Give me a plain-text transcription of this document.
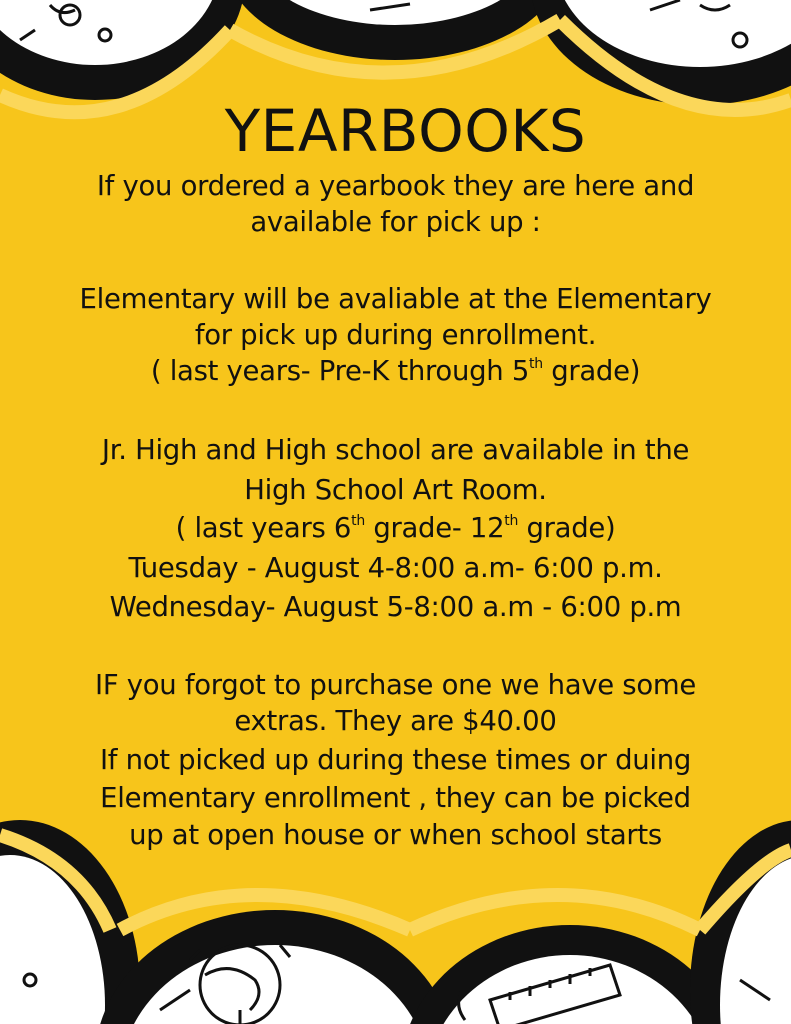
YEARBOOKS
If you ordered a yearbook they are here and
available for pick up :
Elementary will be avaliable at the Elementary
for pick up during enrollment.
( last years- Pre-K through 5th grade)
Jr. High and High school are available in the
High School Art Room.
( last years 6th grade- 12th grade)
Tuesday - August 4-8:00 a.m- 6:00 p.m.
Wednesday- August 5-8:00 a.m - 6:00 p.m
IF you forgot to purchase one we have some
extras. They are $40.00
If not picked up during these times or duing
Elementary enrollment , they can be picked
up at open house or when school starts
